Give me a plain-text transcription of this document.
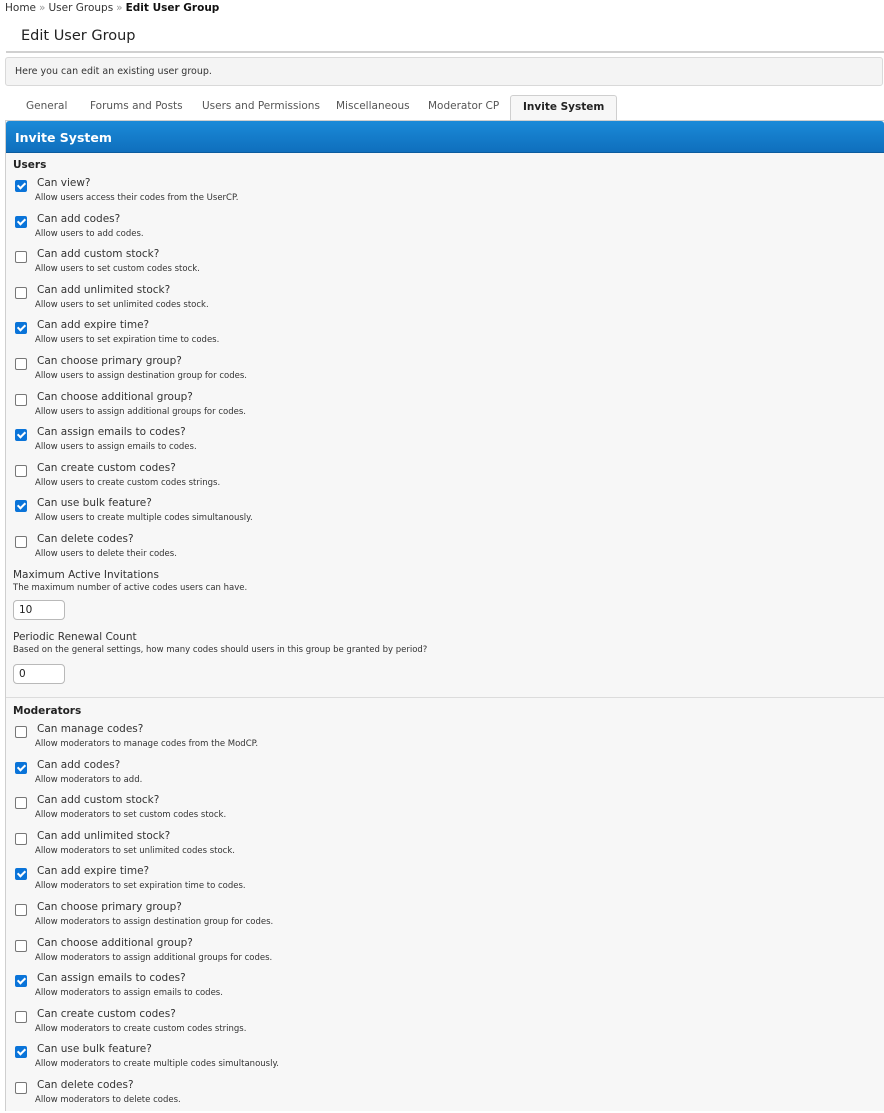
Home » User Groups » Edit User Group
Edit User Group
Here you can edit an existing user group.
General	Forums and Posts	Users and Permissions	Miscellaneous	Moderator CP	Invite System
Invite System
Users
Can view?
Allow users access their codes from the UserCP.
Can add codes?
Allow users to add codes.
Can add custom stock?
Allow users to set custom codes stock.
Can add unlimited stock?
Allow users to set unlimited codes stock.
Can add expire time?
Allow users to set expiration time to codes.
Can choose primary group?
Allow users to assign destination group for codes.
Can choose additional group?
Allow users to assign additional groups for codes.
Can assign emails to codes?
Allow users to assign emails to codes.
Can create custom codes?
Allow users to create custom codes strings.
Can use bulk feature?
Allow users to create multiple codes simultanously.
Can delete codes?
Allow users to delete their codes.
Maximum Active Invitations
The maximum number of active codes users can have.
10
Periodic Renewal Count
Based on the general settings, how many codes should users in this group be granted by period?
0
Moderators
Can manage codes?
Allow moderators to manage codes from the ModCP.
Can add codes?
Allow moderators to add.
Can add custom stock?
Allow moderators to set custom codes stock.
Can add unlimited stock?
Allow moderators to set unlimited codes stock.
Can add expire time?
Allow moderators to set expiration time to codes.
Can choose primary group?
Allow moderators to assign destination group for codes.
Can choose additional group?
Allow moderators to assign additional groups for codes.
Can assign emails to codes?
Allow moderators to assign emails to codes.
Can create custom codes?
Allow moderators to create custom codes strings.
Can use bulk feature?
Allow moderators to create multiple codes simultanously.
Can delete codes?
Allow moderators to delete codes.
